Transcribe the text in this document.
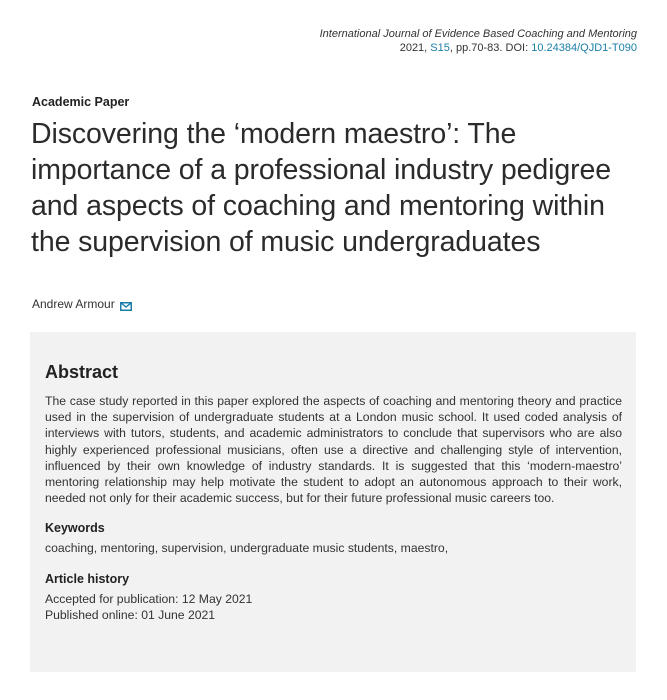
International Journal of Evidence Based Coaching and Mentoring
2021, S15, pp.70-83. DOI: 10.24384/QJD1-T090
Academic Paper
Discovering the ‘modern maestro’: The importance of a professional industry pedigree and aspects of coaching and mentoring within the supervision of music undergraduates
Andrew Armour
Abstract

The case study reported in this paper explored the aspects of coaching and mentoring theory and practice used in the supervision of undergraduate students at a London music school. It used coded analysis of interviews with tutors, students, and academic administrators to conclude that supervisors who are also highly experienced professional musicians, often use a directive and challenging style of intervention, influenced by their own knowledge of industry standards. It is suggested that this ‘modern-maestro’ mentoring relationship may help motivate the student to adopt an autonomous approach to their work, needed not only for their academic success, but for their future professional music careers too.

Keywords

coaching, mentoring, supervision, undergraduate music students, maestro,

Article history

Accepted for publication: 12 May 2021

Published online: 01 June 2021
